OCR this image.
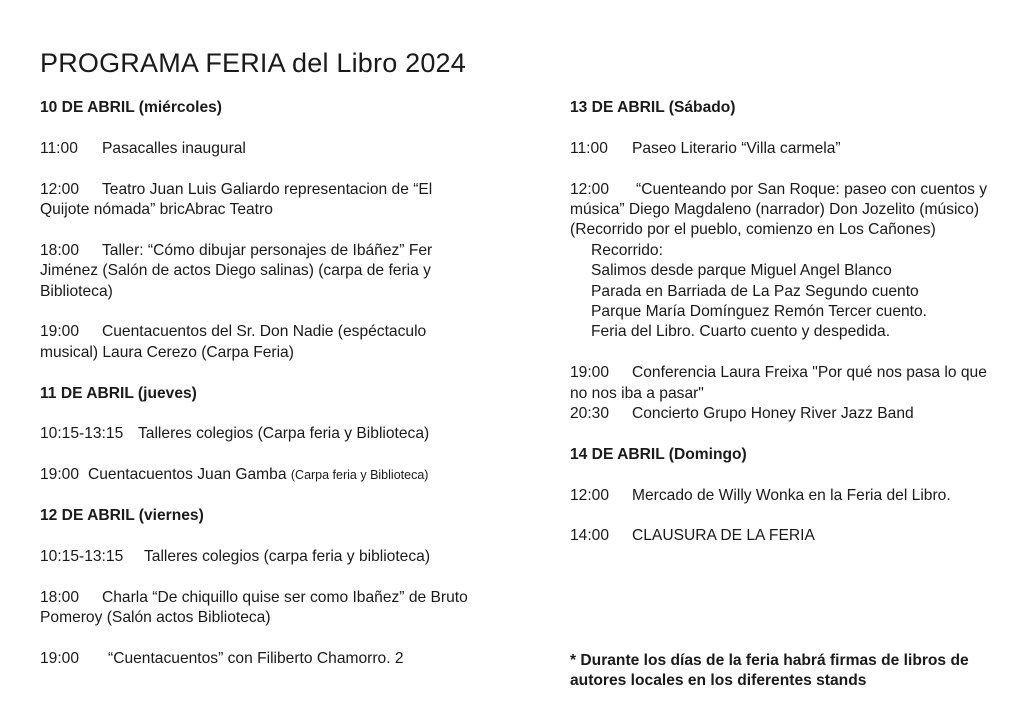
PROGRAMA FERIA del Libro 2024

10 DE ABRIL (miércoles)

11:00 Pasacalles inaugural

12:00 Teatro Juan Luis Galiardo representacion de “El Quijote nómada” bricAbrac Teatro

18:00 Taller: “Cómo dibujar personajes de Ibáñez” Fer Jiménez (Salón de actos Diego salinas) (carpa de feria y Biblioteca)

19:00 Cuentacuentos del Sr. Don Nadie (espéctaculo musical) Laura Cerezo (Carpa Feria)

11 DE ABRIL (jueves)

10:15-13:15 Talleres colegios (Carpa feria y Biblioteca)

19:00 Cuentacuentos Juan Gamba (Carpa feria y Biblioteca)

12 DE ABRIL (viernes)

10:15-13:15 Talleres colegios (carpa feria y biblioteca)

18:00 Charla “De chiquillo quise ser como Ibañez” de Bruto Pomeroy (Salón actos Biblioteca)

19:00 “Cuentacuentos” con Filiberto Chamorro. 2

13 DE ABRIL (Sábado)

11:00 Paseo Literario “Villa carmela”

12:00 “Cuenteando por San Roque: paseo con cuentos y música” Diego Magdaleno (narrador) Don Jozelito (músico) (Recorrido por el pueblo, comienzo en Los Cañones)

Recorrido:

Salimos desde parque Miguel Angel Blanco

Parada en Barriada de La Paz Segundo cuento

Parque María Domínguez Remón Tercer cuento.

Feria del Libro. Cuarto cuento y despedida.

19:00 Conferencia Laura Freixa "Por qué nos pasa lo que no nos iba a pasar"

20:30 Concierto Grupo Honey River Jazz Band

14 DE ABRIL (Domingo)

12:00 Mercado de Willy Wonka en la Feria del Libro.

14:00 CLAUSURA DE LA FERIA

* Durante los días de la feria habrá firmas de libros de autores locales en los diferentes stands
